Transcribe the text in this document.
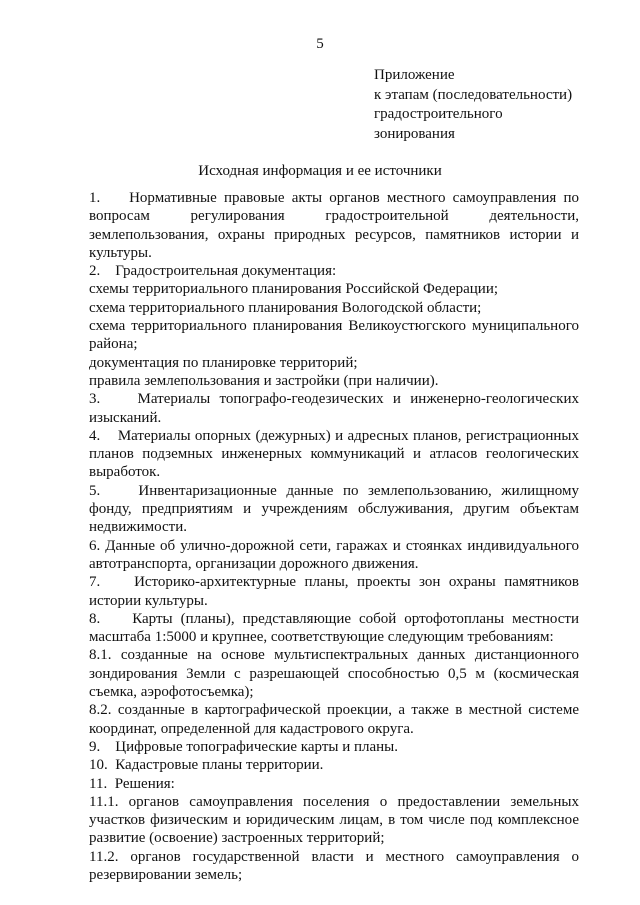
5
Приложение
к этапам (последовательности)
градостроительного
зонирования
Исходная информация и ее источники

1.    Нормативные правовые акты органов местного самоуправления по вопросам регулирования градостроительной деятельности, землепользования, охраны природных ресурсов, памятников истории и культуры.

2.    Градостроительная документация:

схемы территориального планирования Российской Федерации;

схема территориального планирования Вологодской области;

схема территориального планирования Великоустюгского муниципального района;

документация по планировке территорий;

правила землепользования и застройки (при наличии).

3.    Материалы топографо-геодезических и инженерно-геологических изысканий.

4.    Материалы опорных (дежурных) и адресных планов, регистрационных планов подземных инженерных коммуникаций и атласов геологических выработок.

5.    Инвентаризационные данные по землепользованию, жилищному фонду, предприятиям и учреждениям обслуживания, другим объектам недвижимости.

6. Данные об улично-дорожной сети, гаражах и стоянках индивидуального автотранспорта, организации дорожного движения.

7.    Историко-архитектурные планы, проекты зон охраны памятников истории культуры.

8.    Карты (планы), представляющие собой ортофотопланы местности масштаба 1:5000 и крупнее, соответствующие следующим требованиям:

8.1. созданные на основе мультиспектральных данных дистанционного зондирования Земли с разрешающей способностью 0,5 м (космическая съемка, аэрофотосъемка);

8.2. созданные в картографической проекции, а также в местной системе координат, определенной для кадастрового округа.

9.    Цифровые топографические карты и планы.

10.  Кадастровые планы территории.

11.  Решения:

11.1. органов самоуправления поселения о предоставлении земельных участков физическим и юридическим лицам, в том числе под комплексное развитие (освоение) застроенных территорий;

11.2. органов государственной власти и местного самоуправления о резервировании земель;
